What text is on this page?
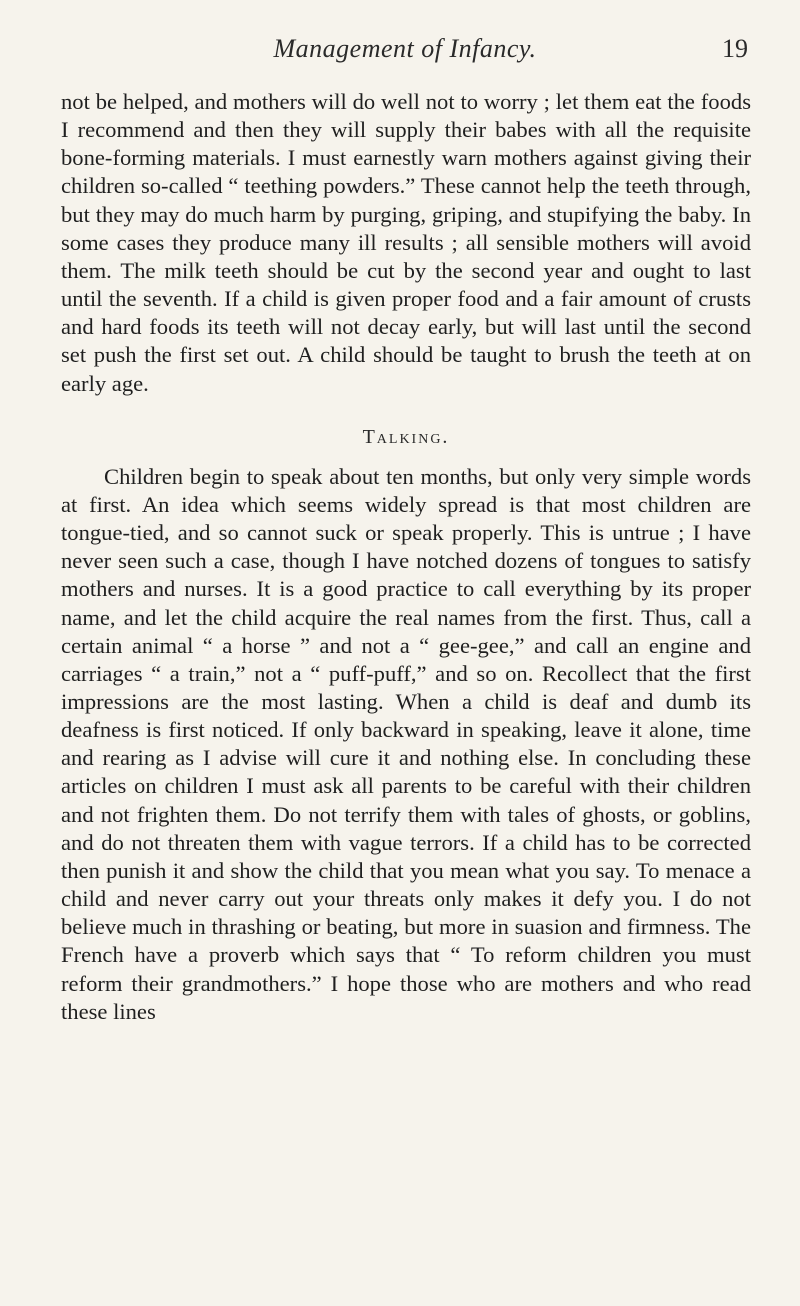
Management of Infancy.	19

not be helped, and mothers will do well not to worry ; let them eat the foods I recommend and then they will supply their babes with all the requisite bone-forming materials. I must earnestly warn mothers against giving their children so-called “ teething powders.” These cannot help the teeth through, but they may do much harm by purging, griping, and stupifying the baby. In some cases they produce many ill results ; all sensible mothers will avoid them. The milk teeth should be cut by the second year and ought to last until the seventh. If a child is given proper food and a fair amount of crusts and hard foods its teeth will not decay early, but will last until the second set push the first set out. A child should be taught to brush the teeth at on early age.

Talking.

Children begin to speak about ten months, but only very simple words at first. An idea which seems widely spread is that most children are tongue-tied, and so cannot suck or speak properly. This is untrue ; I have never seen such a case, though I have notched dozens of tongues to satisfy mothers and nurses. It is a good practice to call everything by its proper name, and let the child acquire the real names from the first. Thus, call a certain animal “ a horse ” and not a “ gee-gee,” and call an engine and carriages “ a train,” not a “ puff-puff,” and so on. Recollect that the first impressions are the most lasting. When a child is deaf and dumb its deafness is first noticed. If only backward in speaking, leave it alone, time and rearing as I advise will cure it and nothing else. In concluding these articles on children I must ask all parents to be careful with their children and not frighten them. Do not terrify them with tales of ghosts, or goblins, and do not threaten them with vague terrors. If a child has to be corrected then punish it and show the child that you mean what you say. To menace a child and never carry out your threats only makes it defy you. I do not believe much in thrashing or beating, but more in suasion and firmness. The French have a proverb which says that “ To reform children you must reform their grandmothers.” I hope those who are mothers and who read these lines
